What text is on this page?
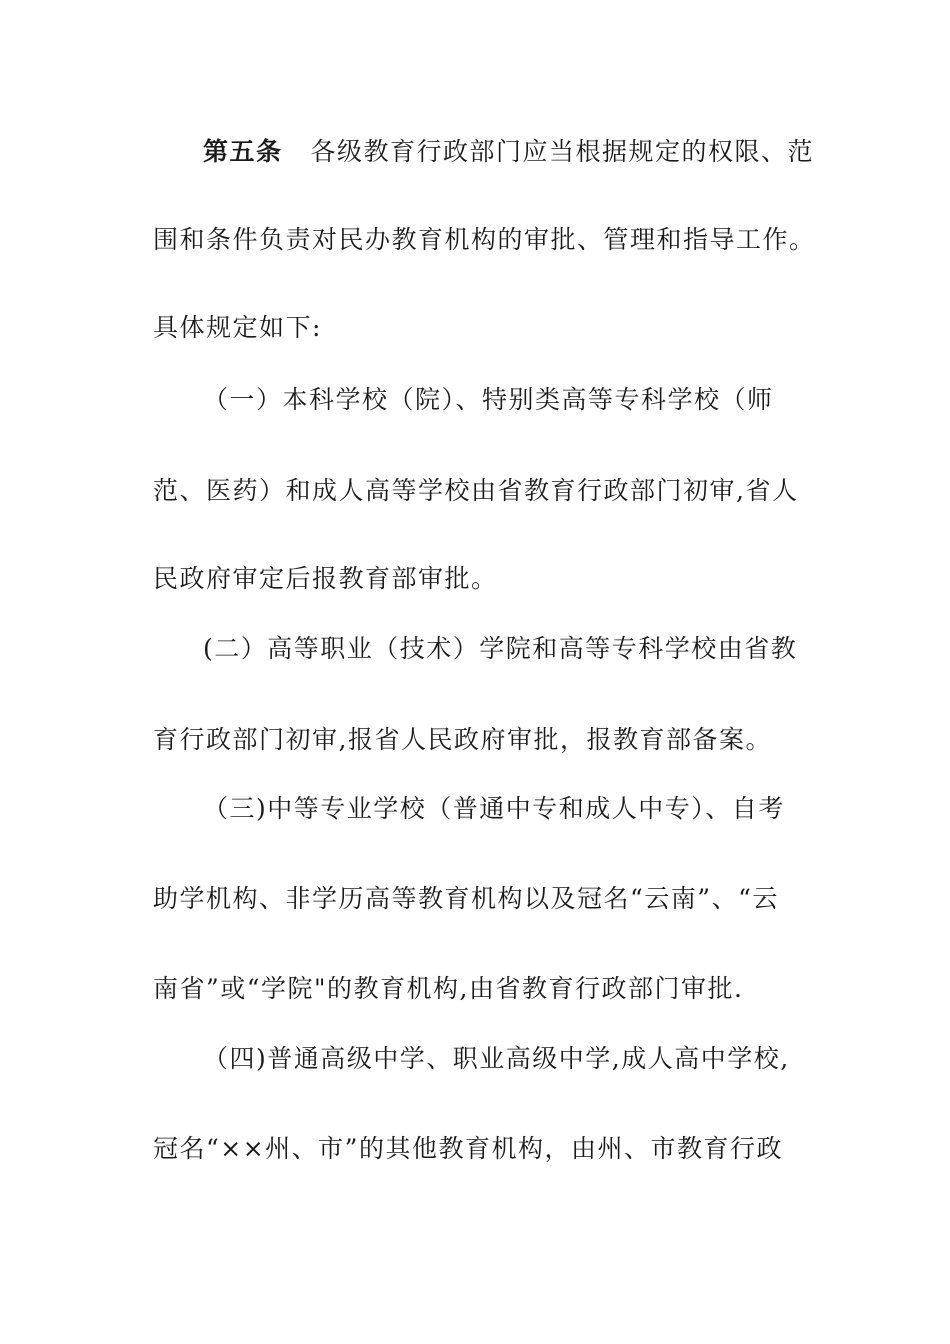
第五条 各级教育行政部门应当根据规定的权限、范
围和条件负责对民办教育机构的审批、管理和指导工作。
具体规定如下:
（一）本科学校（院）、特别类高等专科学校（师
范、医药）和成人高等学校由省教育行政部门初审,省人
民政府审定后报教育部审批。
(二）高等职业（技术）学院和高等专科学校由省教
育行政部门初审,报省人民政府审批，报教育部备案。
（三)中等专业学校（普通中专和成人中专）、自考
助学机构、非学历高等教育机构以及冠名“云南”、“云
南省”或“学院"的教育机构,由省教育行政部门审批.
（四)普通高级中学、职业高级中学,成人高中学校,
冠名“××州、市”的其他教育机构，由州、市教育行政
